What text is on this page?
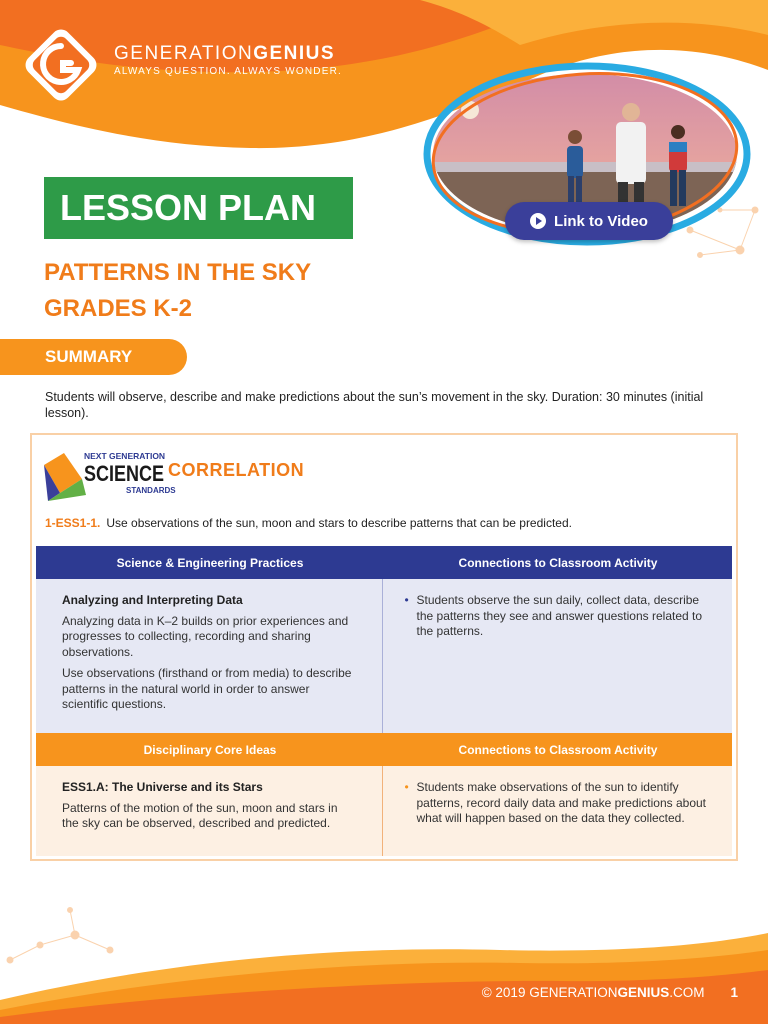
GENERATIONGENIUS
ALWAYS QUESTION. ALWAYS WONDER.
Link to Video
LESSON PLAN
PATTERNS IN THE SKY
GRADES K-2
SUMMARY
Students will observe, describe and make predictions about the sun’s movement in the sky. Duration: 30 minutes (initial lesson).
NEXT GENERATION
SCIENCE
STANDARDS
CORRELATION
1-ESS1-1. Use observations of the sun, moon and stars to describe patterns that can be predicted.
Science & Engineering Practices	Connections to Classroom Activity
Analyzing and Interpreting Data

Analyzing data in K–2 builds on prior experiences and progresses to collecting, recording and sharing observations.

Use observations (firsthand or from media) to describe patterns in the natural world in order to answer scientific questions.

• Students observe the sun daily, collect data, describe the patterns they see and answer questions related to the patterns.
Disciplinary Core Ideas	Connections to Classroom Activity
ESS1.A: The Universe and its Stars

Patterns of the motion of the sun, moon and stars in the sky can be observed, described and predicted.

• Students make observations of the sun to identify patterns, record daily data and make predictions about what will happen based on the data they collected.
© 2019 GENERATIONGENIUS.COM 1
